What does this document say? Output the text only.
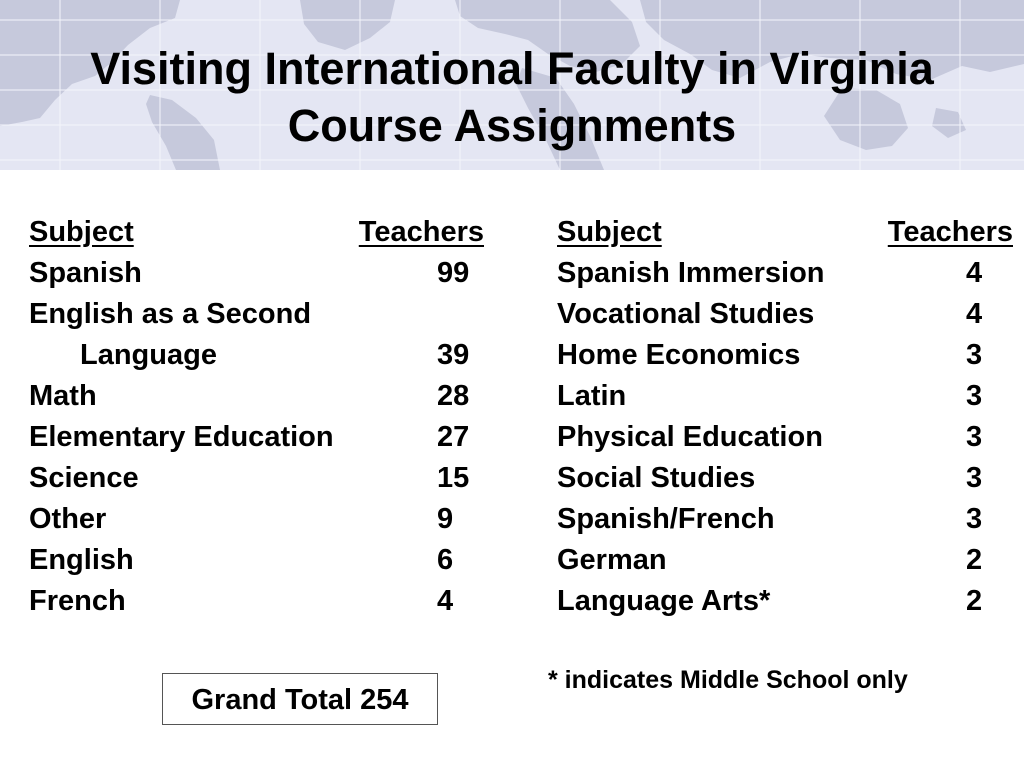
Visiting International Faculty in Virginia
Course Assignments
Subject	Teachers
Spanish	99
English as a Second
Language	39
Math	28
Elementary Education	27
Science	15
Other	9
English	6
French	4
Subject	Teachers
Spanish Immersion	4
Vocational Studies	4
Home Economics	3
Latin	3
Physical Education	3
Social Studies	3
Spanish/French	3
German	2
Language Arts*	2
Grand Total 254
* indicates Middle School only
